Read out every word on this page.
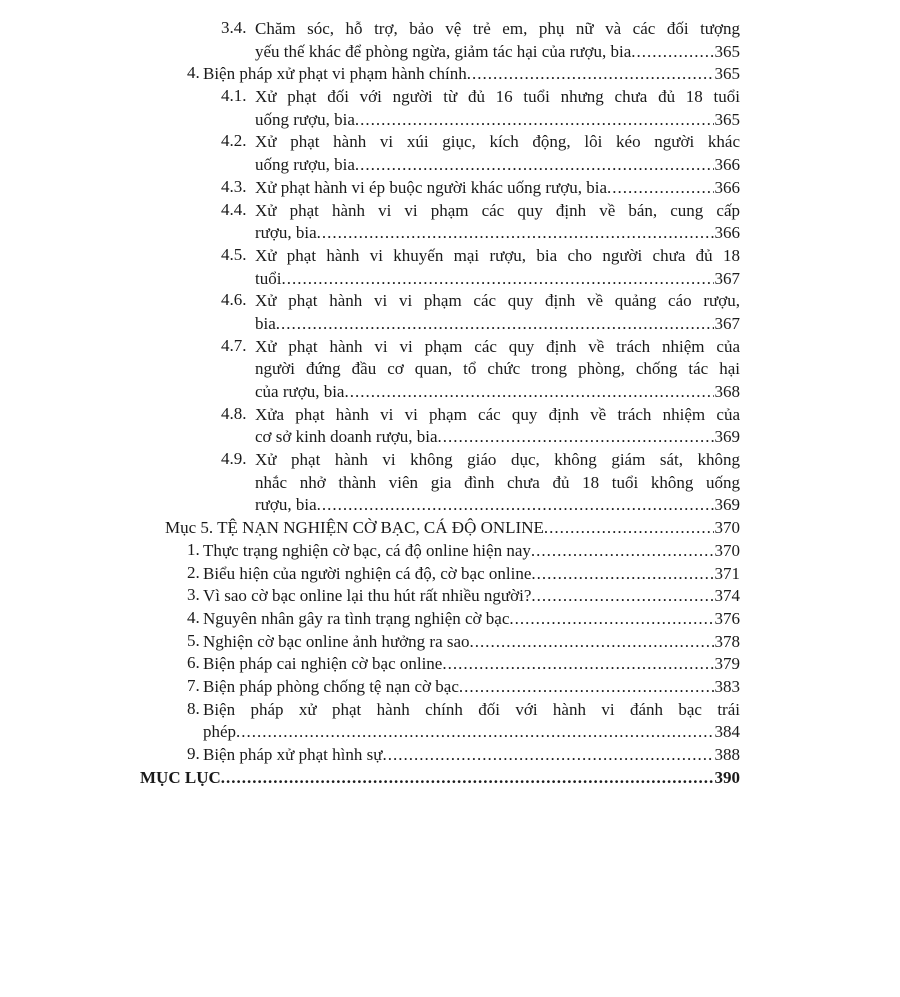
3.4. Chăm sóc, hỗ trợ, bảo vệ trẻ em, phụ nữ và các đối tượng
yếu thế khác để phòng ngừa, giảm tác hại của rượu, bia .....	365
4. Biện pháp xử phạt vi phạm hành chính .....	365
4.1. Xử phạt đối với người từ đủ 16 tuổi nhưng chưa đủ 18 tuổi
uống rượu, bia .....	365
4.2. Xử phạt hành vi xúi giục, kích động, lôi kéo người khác
uống rượu, bia .....	366
4.3. Xử phạt hành vi ép buộc người khác uống rượu, bia .....	366
4.4. Xử phạt hành vi vi phạm các quy định về bán, cung cấp
rượu, bia .....	366
4.5. Xử phạt hành vi khuyến mại rượu, bia cho người chưa đủ 18
tuổi .....	367
4.6. Xử phạt hành vi vi phạm các quy định về quảng cáo rượu,
bia .....	367
4.7. Xử phạt hành vi vi phạm các quy định về trách nhiệm của
người đứng đầu cơ quan, tổ chức trong phòng, chống tác hại
của rượu, bia .....	368
4.8. Xửa phạt hành vi vi phạm các quy định về trách nhiệm của
cơ sở kinh doanh rượu, bia .....	369
4.9. Xử phạt hành vi không giáo dục, không giám sát, không
nhắc nhở thành viên gia đình chưa đủ 18 tuổi không uống
rượu, bia .....	369
Mục 5. TỆ NẠN NGHIỆN CỜ BẠC, CÁ ĐỘ ONLINE .....	370
1. Thực trạng nghiện cờ bạc, cá độ online hiện nay .....	370
2. Biểu hiện của người nghiện cá độ, cờ bạc online .....	371
3. Vì sao cờ bạc online lại thu hút rất nhiều người? .....	374
4. Nguyên nhân gây ra tình trạng nghiện cờ bạc .....	376
5. Nghiện cờ bạc online ảnh hưởng ra sao .....	378
6. Biện pháp cai nghiện cờ bạc online .....	379
7. Biện pháp phòng chống tệ nạn cờ bạc .....	383
8. Biện pháp xử phạt hành chính đối với hành vi đánh bạc trái
phép .....	384
9. Biện pháp xử phạt hình sự .....	388
MỤC LỤC .....	390
